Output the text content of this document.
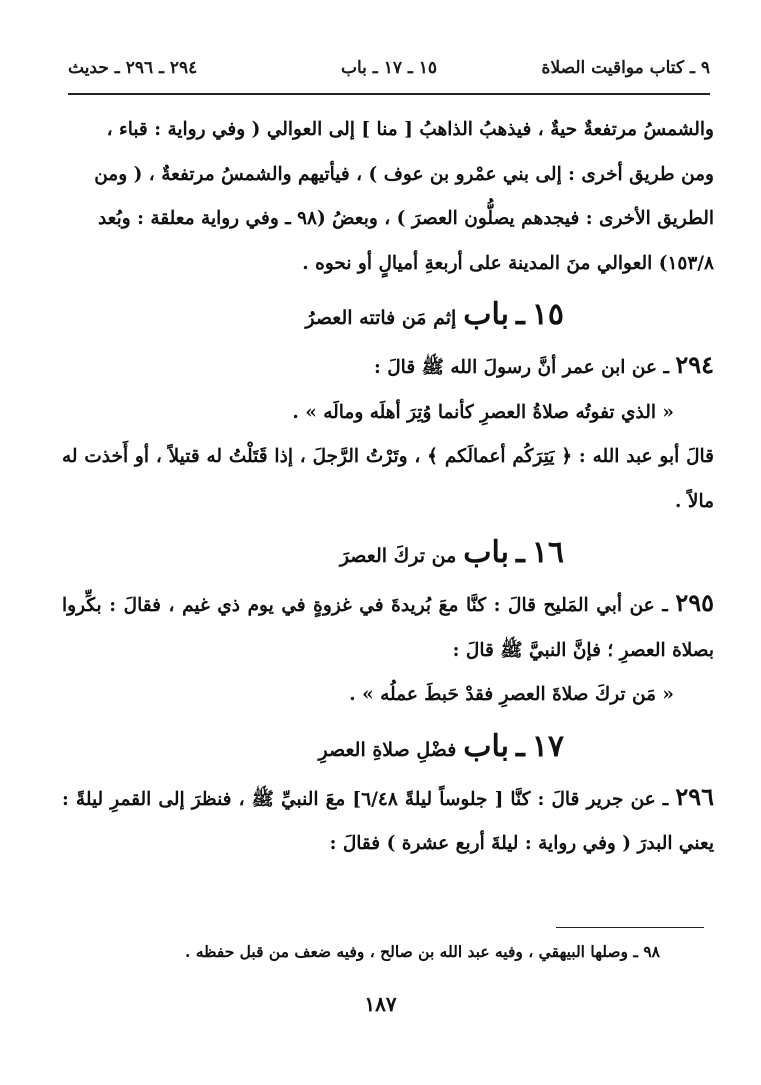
٩ ـ كتاب مواقيت الصلاة
١٥ ـ ١٧ ـ باب
٢٩٤ ـ ٢٩٦ ـ حديث

والشمسُ مرتفعةٌ حيةٌ ، فيذهبُ الذاهبُ [ منا ] إلى العوالي ( وفي رواية : قباء ،

ومن طريق أخرى : إلى بني عمْرو بن عوف ) ، فيأتيهم والشمسُ مرتفعةٌ ، ( ومن

الطريق الأخرى : فيجدهم يصلُّون العصرَ ) ، وبعضُ (٩٨ ـ وفي رواية معلقة : وبُعد

١٥٣/٨) العوالي منَ المدينة على أربعةِ أميالٍ أو نحوه .

١٥ ـ باب إثم مَن فاتته العصرُ

٢٩٤ ـ عن ابن عمر أنَّ رسولَ الله ﷺ قالَ :

« الذي تفوتُه صلاةُ العصرِ كأنما وُتِرَ أهلَه ومالَه » .

قالَ أبو عبد الله : ﴿ يَتِرَكُم أعمالَكم ﴾ ، وتَرْتُ الرَّجلَ ، إذا قَتَلْتُ له قتيلاً ، أو أَخذت له مالاً .

١٦ ـ باب من تركَ العصرَ

٢٩٥ ـ عن أبي المَليح قالَ : كنَّا معَ بُريدةَ في غزوةٍ في يوم ذي غيم ، فقالَ : بكِّروا بصلاة العصرِ ؛ فإنَّ النبيَّ ﷺ قالَ :

« مَن تركَ صلاةَ العصرِ فقدْ حَبطَ عملُه » .

١٧ ـ باب فضْلِ صلاةِ العصرِ

٢٩٦ ـ عن جرير قالَ : كنَّا [ جلوساً ليلةً ٦/٤٨] معَ النبيِّ ﷺ ، فنظرَ إلى القمرِ ليلةً : يعني البدرَ ( وفي رواية : ليلةَ أربع عشرة ) فقالَ :

٩٨ ـ وصلها البيهقي ، وفيه عبد الله بن صالح ، وفيه ضعف من قبل حفظه .
١٨٧
